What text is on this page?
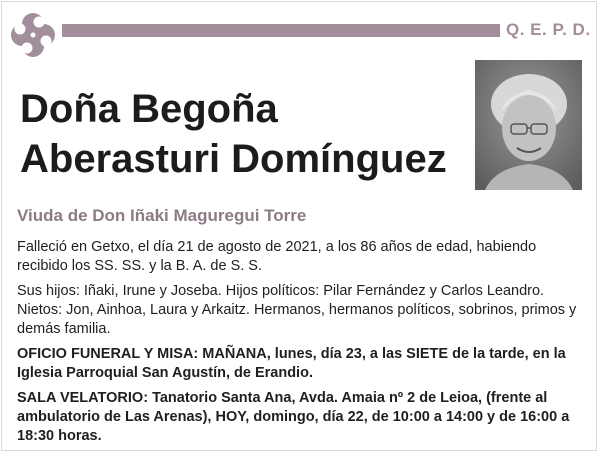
Q. E. P. D.
Doña Begoña
Aberasturi Domínguez
Viuda de Don Iñaki Maguregui Torre

Falleció en Getxo, el día 21 de agosto de 2021, a los 86 años de edad, habiendo recibido los SS. SS. y la B. A. de S. S.

Sus hijos: Iñaki, Irune y Joseba. Hijos políticos: Pilar Fernández y Carlos Leandro. Nietos: Jon, Ainhoa, Laura y Arkaitz. Hermanos, hermanos políticos, sobrinos, primos y demás familia.

OFICIO FUNERAL Y MISA: MAÑANA, lunes, día 23, a las SIETE de la tarde, en la Iglesia Parroquial San Agustín, de Erandio.

SALA VELATORIO: Tanatorio Santa Ana, Avda. Amaia nº 2 de Leioa, (frente al ambulatorio de Las Arenas), HOY, domingo, día 22, de 10:00 a 14:00 y de 16:00 a 18:30 horas.
